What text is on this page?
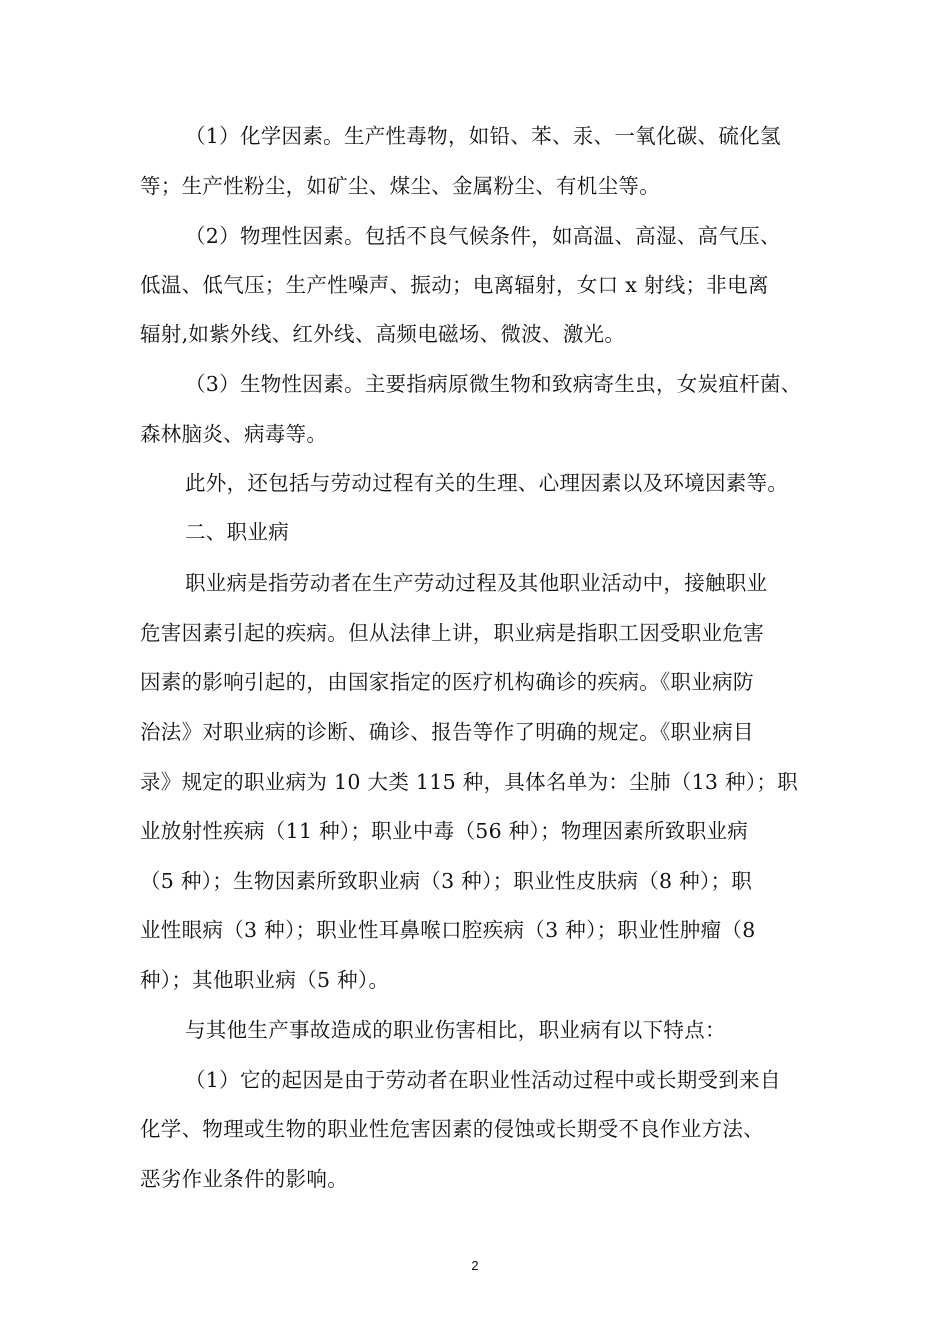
（1）化学因素。生产性毒物，如铅、苯、汞、一氧化碳、硫化氢
等；生产性粉尘，如矿尘、煤尘、金属粉尘、有机尘等。
（2）物理性因素。包括不良气候条件，如高温、高湿、高气压、
低温、低气压；生产性噪声、振动；电离辐射，女口 x 射线；非电离
辐射,如紫外线、红外线、高频电磁场、微波、激光。
（3）生物性因素。主要指病原微生物和致病寄生虫，女炭疽杆菌、
森林脑炎、病毒等。
此外，还包括与劳动过程有关的生理、心理因素以及环境因素等。
二、职业病
职业病是指劳动者在生产劳动过程及其他职业活动中，接触职业
危害因素引起的疾病。但从法律上讲，职业病是指职工因受职业危害
因素的影响引起的，由国家指定的医疗机构确诊的疾病。《职业病防
治法》对职业病的诊断、确诊、报告等作了明确的规定。《职业病目
录》规定的职业病为 10 大类 115 种，具体名单为：尘肺（13 种）；职
业放射性疾病（11 种）；职业中毒（56 种）；物理因素所致职业病
（5 种）；生物因素所致职业病（3 种）；职业性皮肤病（8 种）；职
业性眼病（3 种）；职业性耳鼻喉口腔疾病（3 种）；职业性肿瘤（8
种）；其他职业病（5 种）。
与其他生产事故造成的职业伤害相比，职业病有以下特点：
（1）它的起因是由于劳动者在职业性活动过程中或长期受到来自
化学、物理或生物的职业性危害因素的侵蚀或长期受不良作业方法、
恶劣作业条件的影响。
2
